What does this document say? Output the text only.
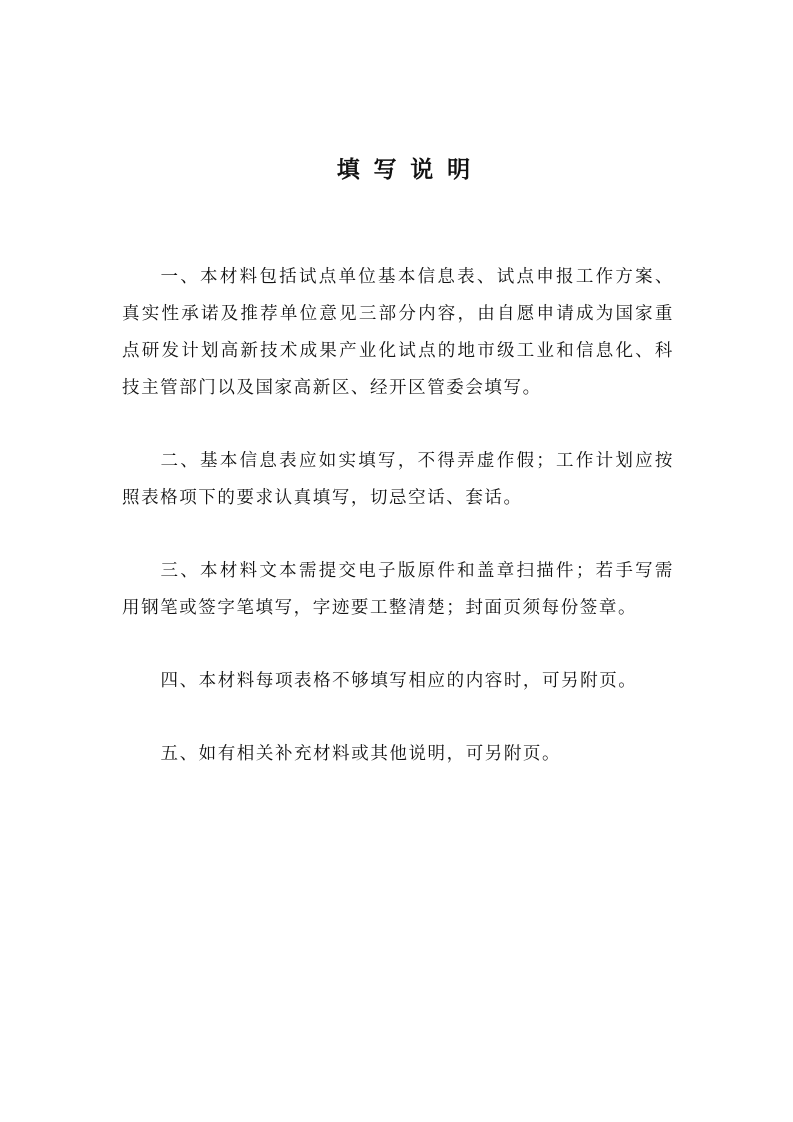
填写说明

一、本材料包括试点单位基本信息表、试点申报工作方案、真实性承诺及推荐单位意见三部分内容，由自愿申请成为国家重点研发计划高新技术成果产业化试点的地市级工业和信息化、科技主管部门以及国家高新区、经开区管委会填写。

二、基本信息表应如实填写，不得弄虚作假；工作计划应按照表格项下的要求认真填写，切忌空话、套话。

三、本材料文本需提交电子版原件和盖章扫描件；若手写需用钢笔或签字笔填写，字迹要工整清楚；封面页须每份签章。

四、本材料每项表格不够填写相应的内容时，可另附页。

五、如有相关补充材料或其他说明，可另附页。
